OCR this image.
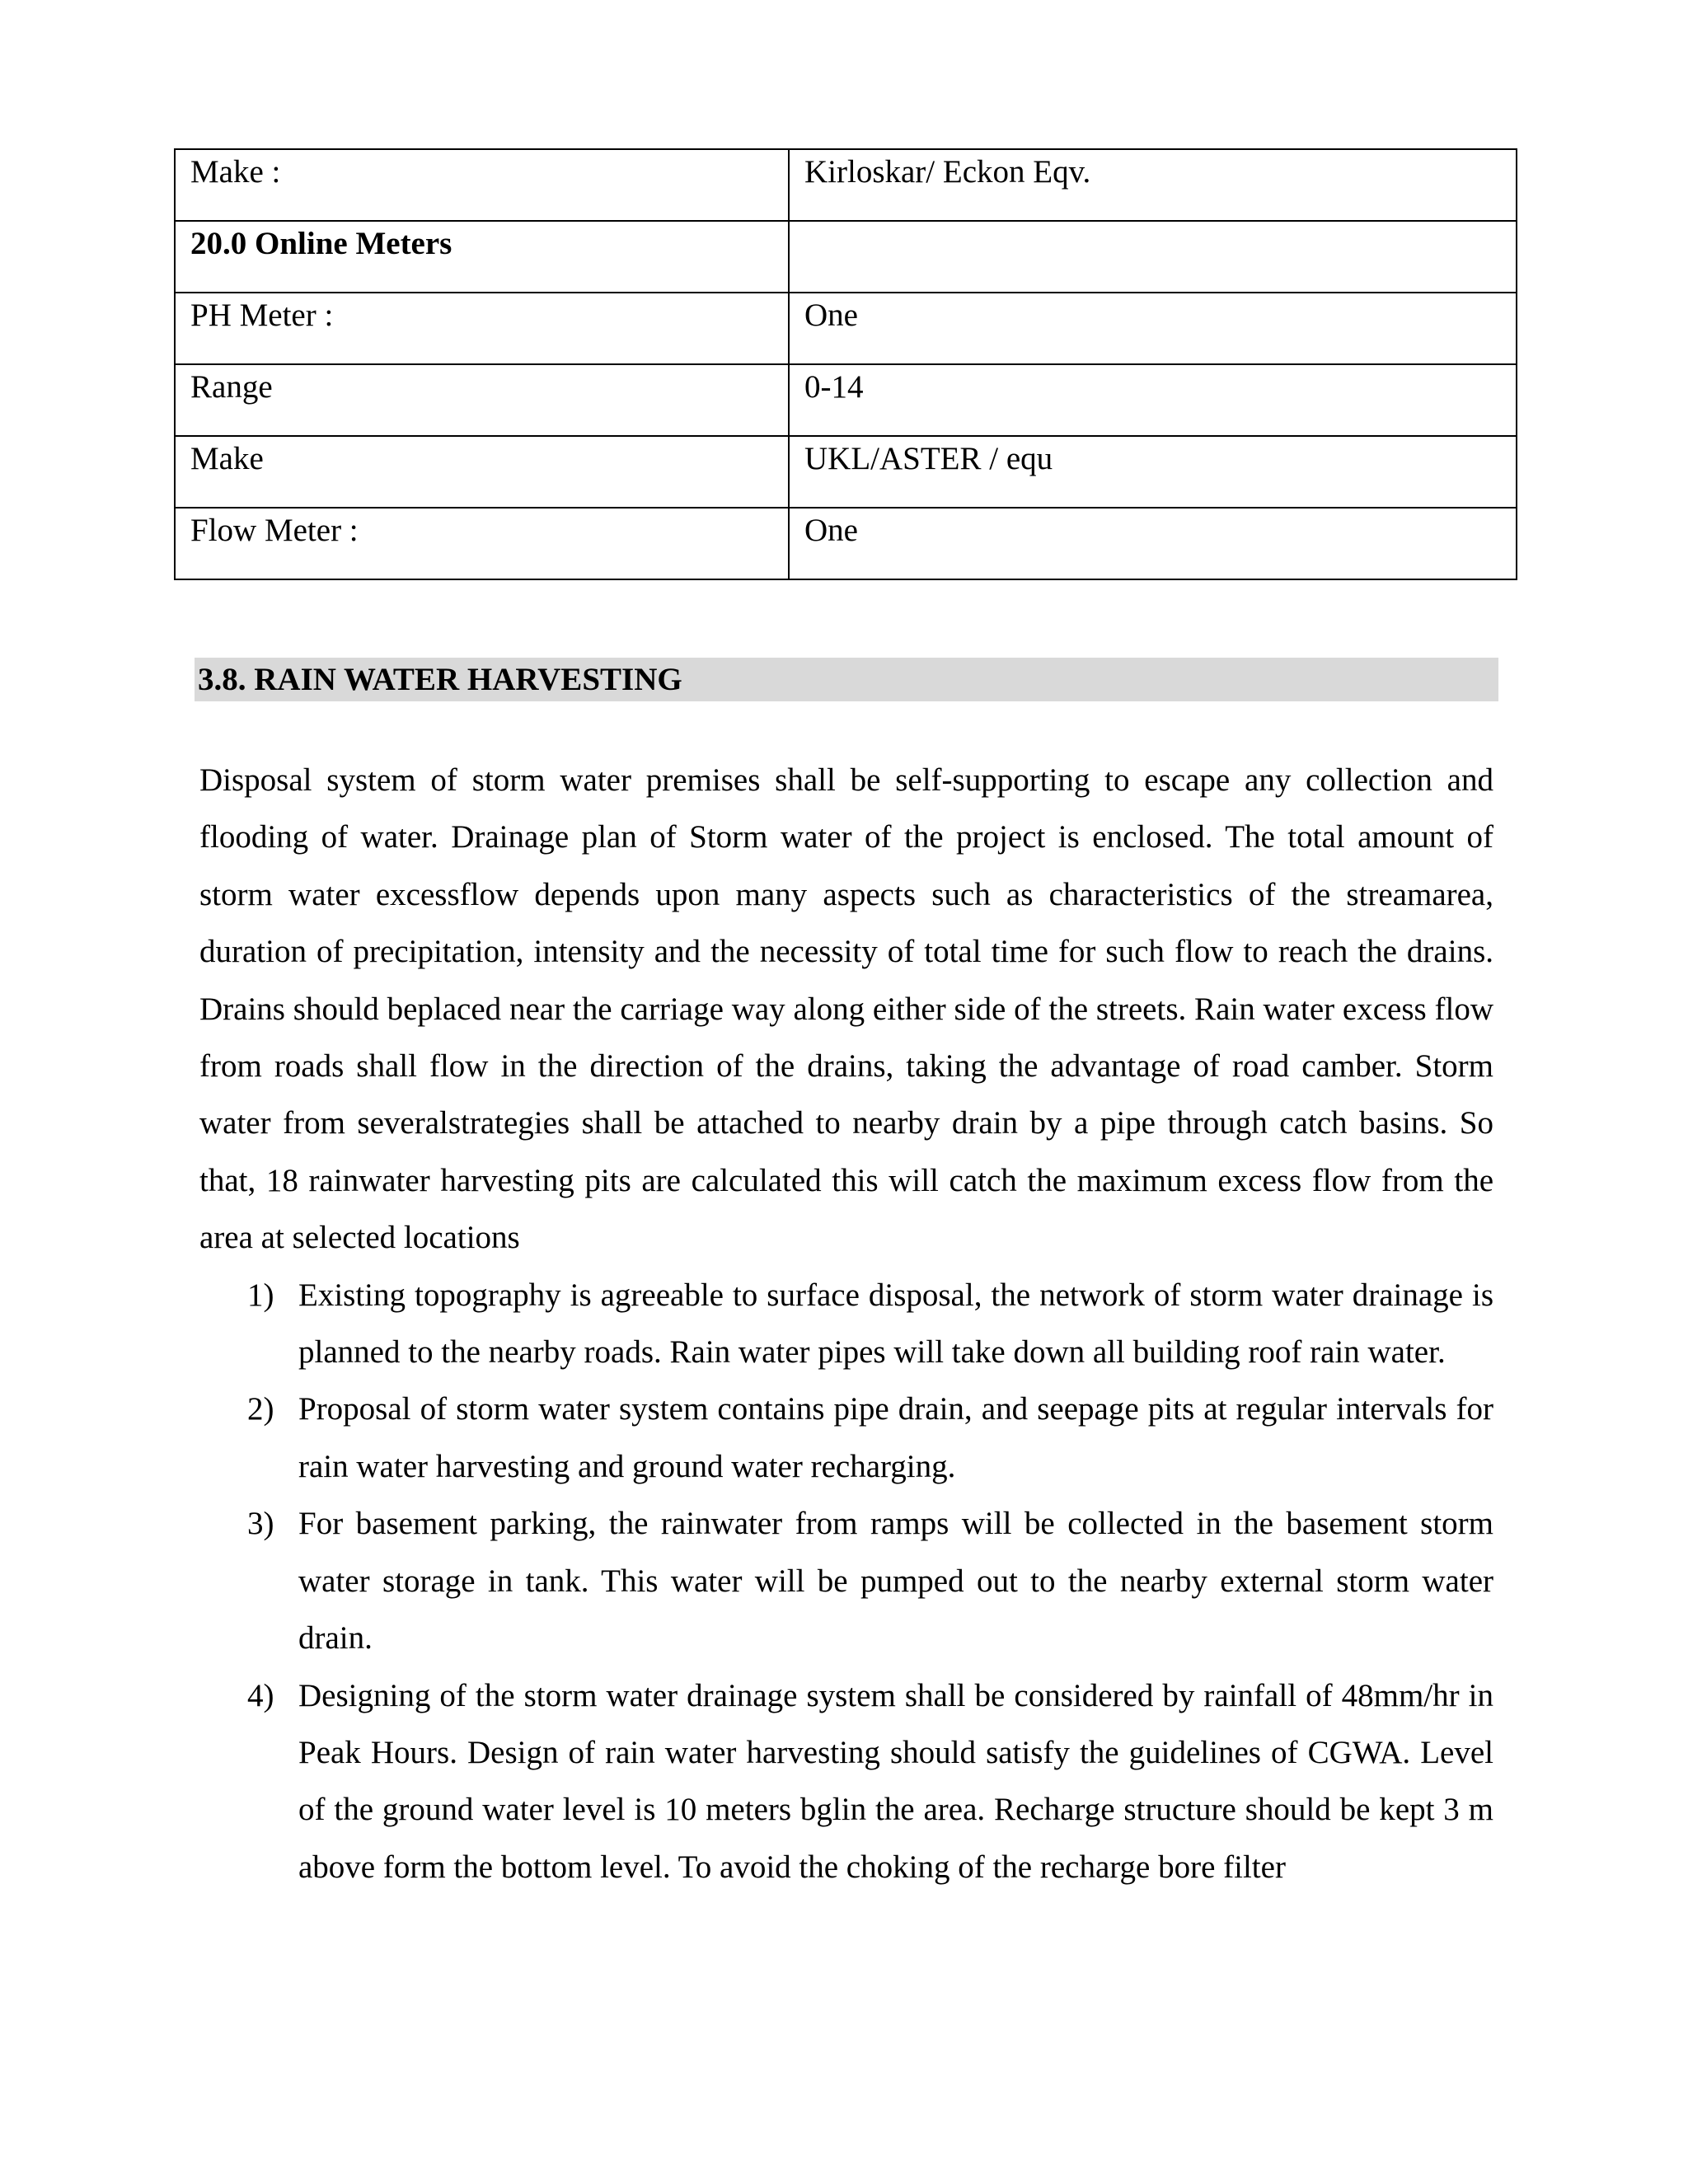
Make :	Kirloskar/ Eckon Eqv.
20.0 Online Meters	
PH Meter :	One
Range	0-14
Make	UKL/ASTER / equ
Flow Meter :	One
3.8. RAIN WATER HARVESTING

Disposal system of storm water premises shall be self-supporting to escape any collection and flooding of water. Drainage plan of Storm water of the project is enclosed. The total amount of storm water excessflow depends upon many aspects such as characteristics of the streamarea, duration of precipitation, intensity and the necessity of total time for such flow to reach the drains. Drains should beplaced near the carriage way along either side of the streets. Rain water excess flow from roads shall flow in the direction of the drains, taking the advantage of road camber. Storm water from severalstrategies shall be attached to nearby drain by a pipe through catch basins. So that, 18 rainwater harvesting pits are calculated this will catch the maximum excess flow from the area at selected locations

1) Existing topography is agreeable to surface disposal, the network of storm water drainage is planned to the nearby roads. Rain water pipes will take down all building roof rain water.
2) Proposal of storm water system contains pipe drain, and seepage pits at regular intervals for rain water harvesting and ground water recharging.
3) For basement parking, the rainwater from ramps will be collected in the basement storm water storage in tank. This water will be pumped out to the nearby external storm water drain.
4) Designing of the storm water drainage system shall be considered by rainfall of 48mm/hr in Peak Hours. Design of rain water harvesting should satisfy the guidelines of CGWA. Level of the ground water level is 10 meters bglin the area. Recharge structure should be kept 3 m above form the bottom level. To avoid the choking of the recharge bore filter
